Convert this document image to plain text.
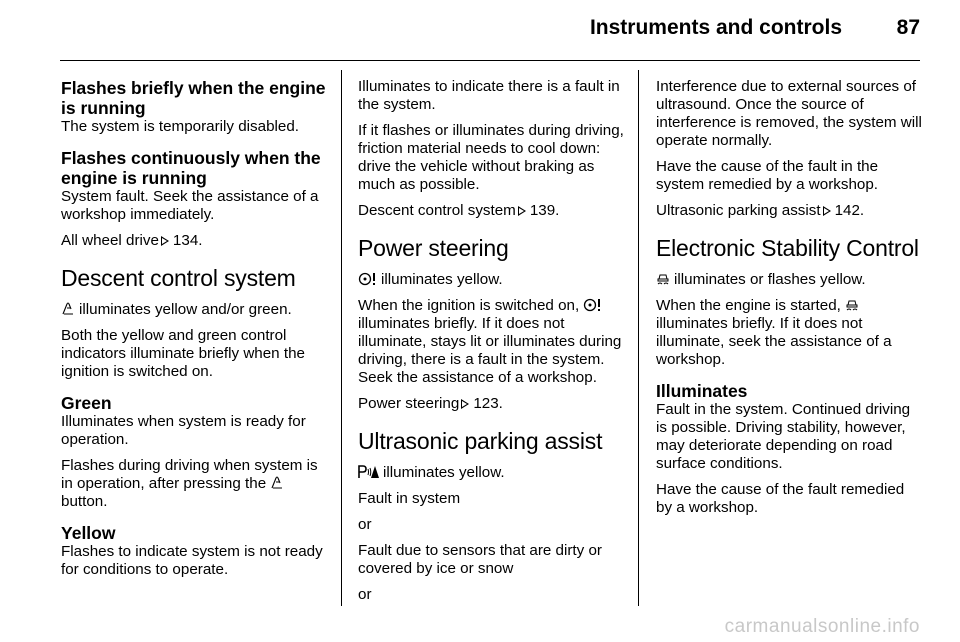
Instruments and controls	87
Flashes briefly when the engine is running

The system is temporarily disabled.

Flashes continuously when the engine is running

System fault. Seek the assistance of a workshop immediately.

All wheel drive 134.

Descent control system

illuminates yellow and/or green.

Both the yellow and green control indicators illuminate briefly when the ignition is switched on.

Green

Illuminates when system is ready for operation.

Flashes during driving when system is in operation, after pressing the
button.

Yellow

Flashes to indicate system is not ready for conditions to operate.

Illuminates to indicate there is a fault in the system.

If it flashes or illuminates during driving, friction material needs to cool down: drive the vehicle without braking as much as possible.

Descent control system 139.

Power steering

illuminates yellow.

When the ignition is switched on,  illuminates briefly. If it does not illuminate, stays lit or illuminates during driving, there is a fault in the system. Seek the assistance of a workshop.

Power steering 123.

Ultrasonic parking assist

illuminates yellow.

Fault in system

or

Fault due to sensors that are dirty or covered by ice or snow

or

Interference due to external sources of ultrasound. Once the source of interference is removed, the system will operate normally.

Have the cause of the fault in the system remedied by a workshop.

Ultrasonic parking assist 142.

Electronic Stability Control

illuminates or flashes yellow.

When the engine is started,  illuminates briefly. If it does not illuminate, seek the assistance of a workshop.

Illuminates

Fault in the system. Continued driving is possible. Driving stability, however, may deteriorate depending on road surface conditions.

Have the cause of the fault remedied by a workshop.

carmanualsonline.info
